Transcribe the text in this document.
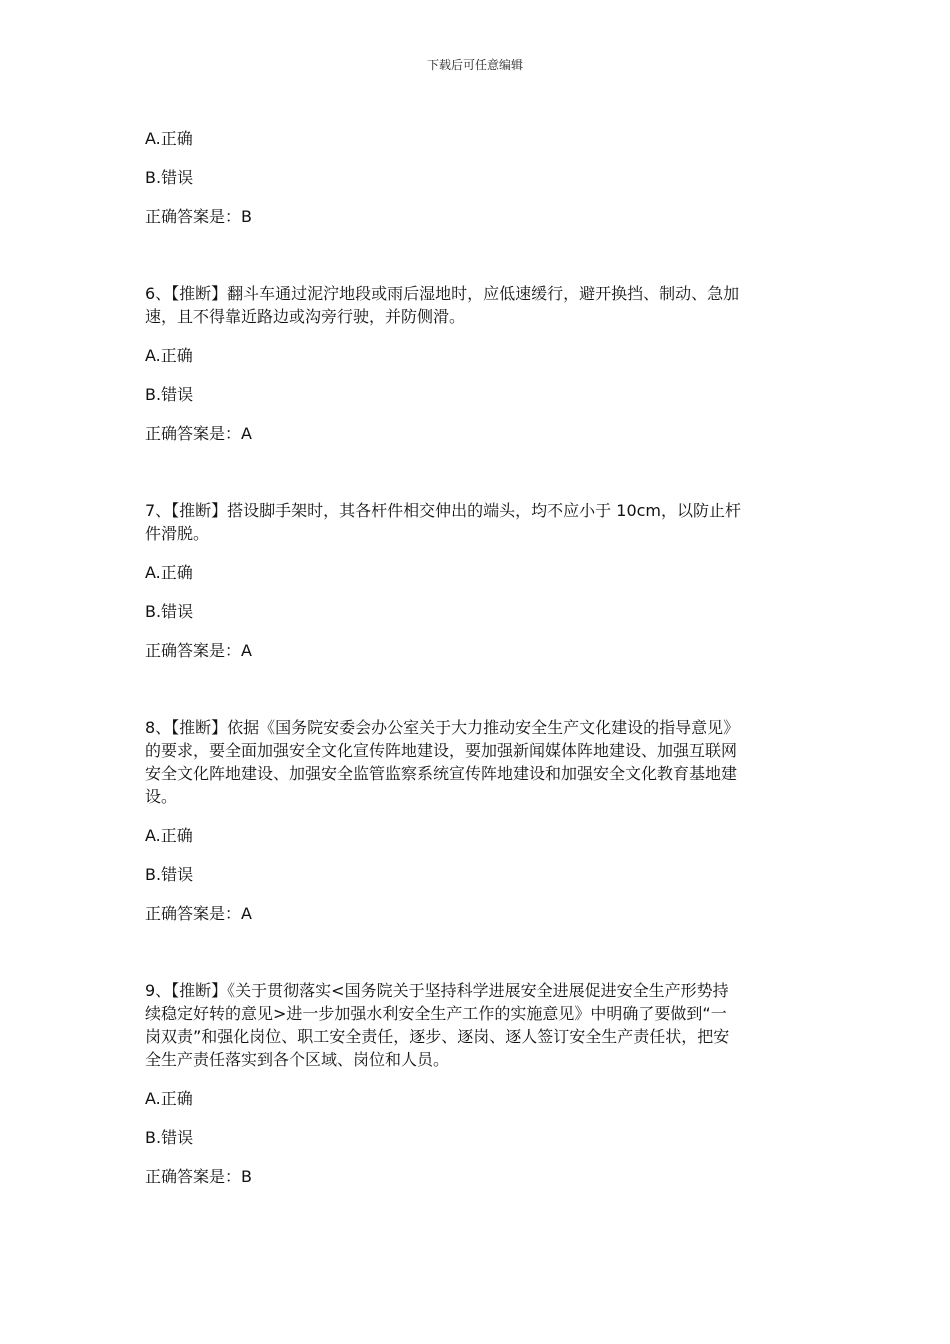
下载后可任意编辑

A.正确

B.错误

正确答案是：B

6、【推断】翻斗车通过泥泞地段或雨后湿地时，应低速缓行，避开换挡、制动、急加

速，且不得靠近路边或沟旁行驶，并防侧滑。

A.正确

B.错误

正确答案是：A

7、【推断】搭设脚手架时，其各杆件相交伸出的端头，均不应小于 10cm，以防止杆

件滑脱。

A.正确

B.错误

正确答案是：A

8、【推断】依据《国务院安委会办公室关于大力推动安全生产文化建设的指导意见》

的要求，要全面加强安全文化宣传阵地建设，要加强新闻媒体阵地建设、加强互联网

安全文化阵地建设、加强安全监管监察系统宣传阵地建设和加强安全文化教育基地建

设。

A.正确

B.错误

正确答案是：A

9、【推断】《关于贯彻落实<国务院关于坚持科学进展安全进展促进安全生产形势持

续稳定好转的意见>进一步加强水利安全生产工作的实施意见》中明确了要做到“一

岗双责”和强化岗位、职工安全责任，逐步、逐岗、逐人签订安全生产责任状，把安

全生产责任落实到各个区域、岗位和人员。

A.正确

B.错误

正确答案是：B
